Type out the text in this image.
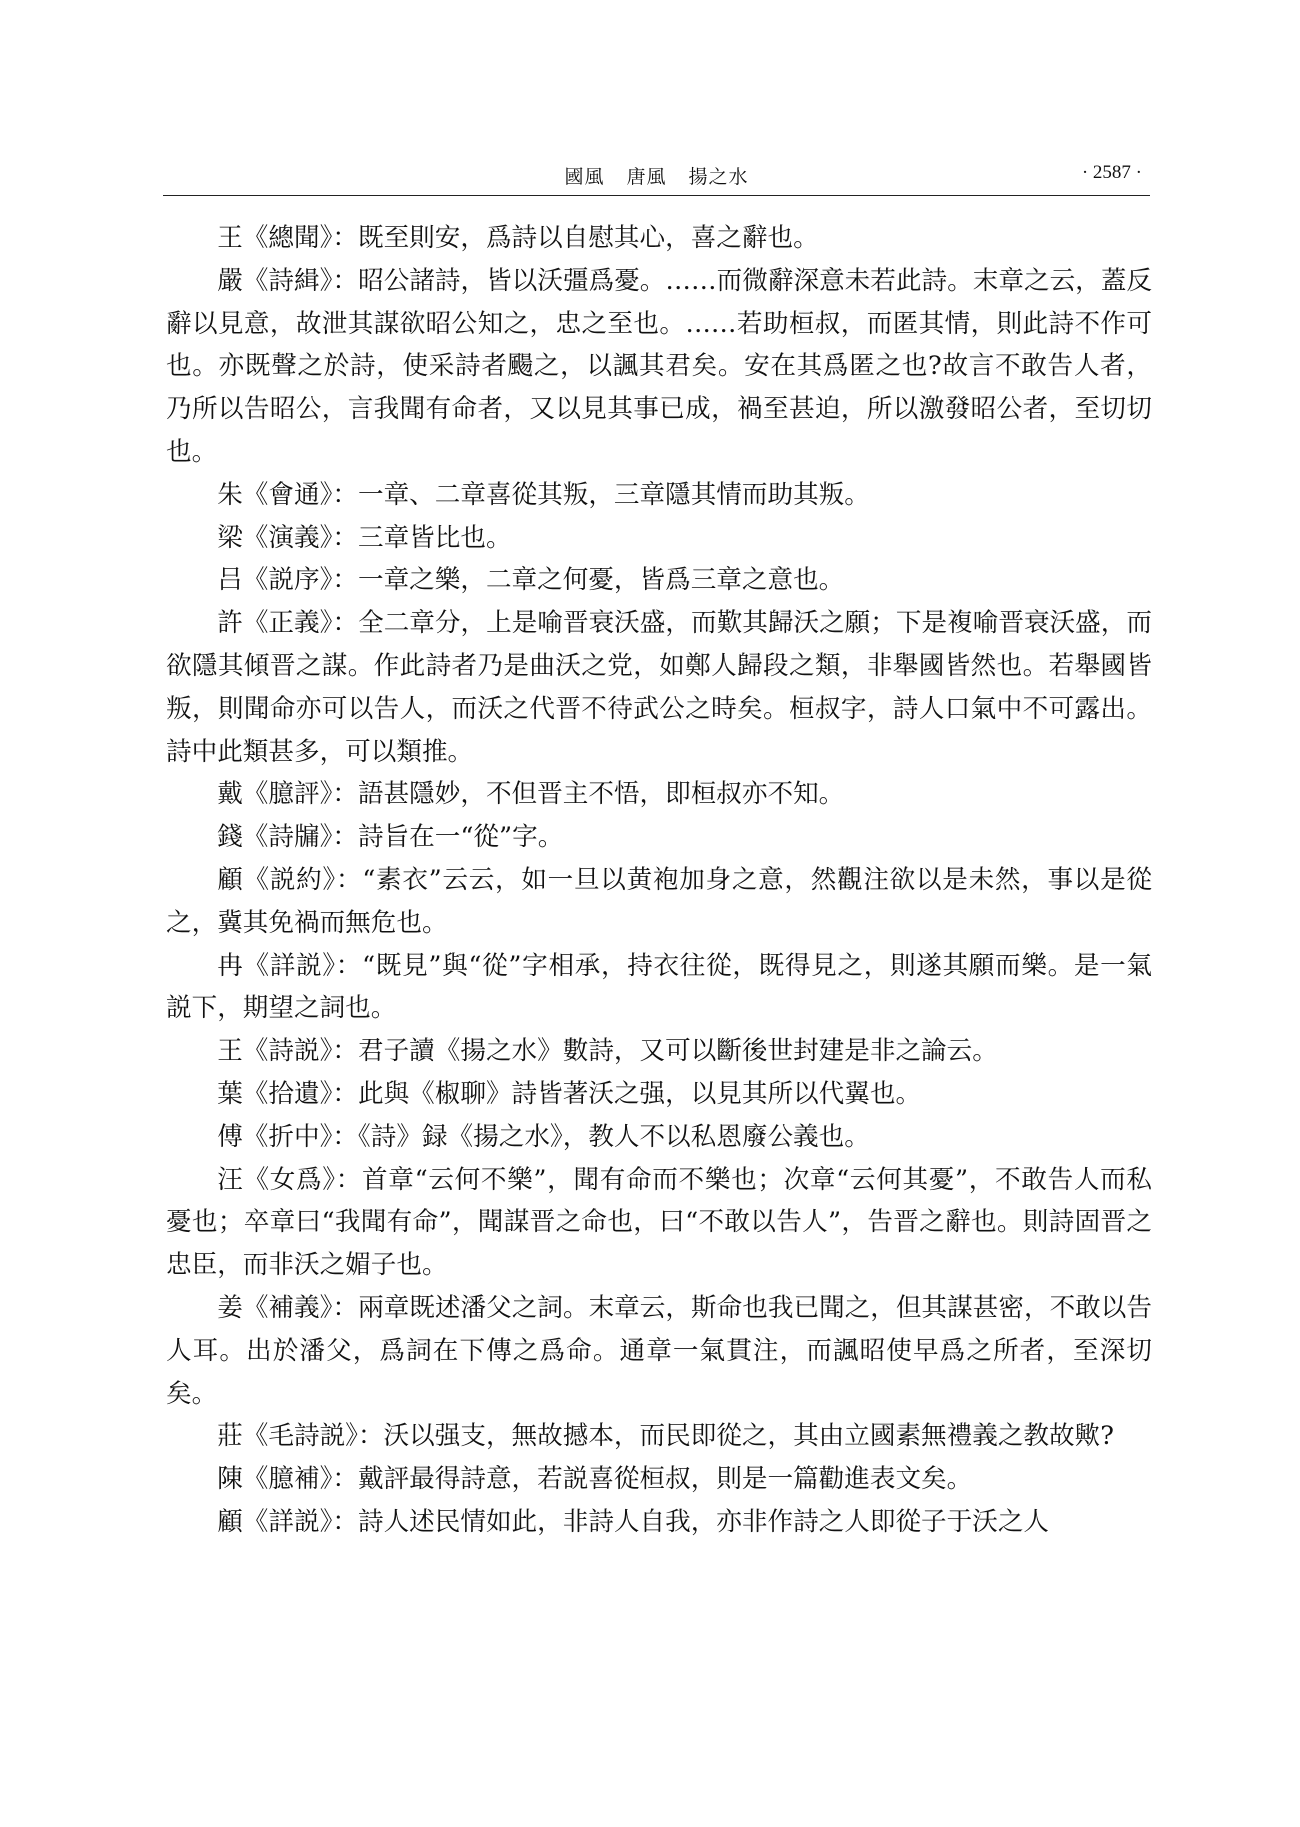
國風 唐風 揚之水	· 2587 ·

王《總聞》：既至則安，爲詩以自慰其心，喜之辭也。

嚴《詩緝》：昭公諸詩，皆以沃彊爲憂。……而微辭深意未若此詩。末章之云，蓋反辭以見意，故泄其謀欲昭公知之，忠之至也。……若助桓叔，而匿其情，則此詩不作可也。亦既聲之於詩，使采詩者颺之，以諷其君矣。安在其爲匿之也?故言不敢告人者，乃所以告昭公，言我聞有命者，又以見其事已成，禍至甚迫，所以激發昭公者，至切切也。

朱《會通》：一章、二章喜從其叛，三章隱其情而助其叛。

梁《演義》：三章皆比也。

吕《説序》：一章之樂，二章之何憂，皆爲三章之意也。

許《正義》：全二章分，上是喻晋衰沃盛，而歎其歸沃之願；下是複喻晋衰沃盛，而欲隱其傾晋之謀。作此詩者乃是曲沃之党，如鄭人歸段之類，非舉國皆然也。若舉國皆叛，則聞命亦可以告人，而沃之代晋不待武公之時矣。桓叔字，詩人口氣中不可露出。詩中此類甚多，可以類推。

戴《臆評》：語甚隱妙，不但晋主不悟，即桓叔亦不知。

錢《詩牖》：詩旨在一“從”字。

顧《説約》：“素衣”云云，如一旦以黄袍加身之意，然觀注欲以是未然，事以是從之，冀其免禍而無危也。

冉《詳説》：“既見”與“從”字相承，持衣往從，既得見之，則遂其願而樂。是一氣説下，期望之詞也。

王《詩説》：君子讀《揚之水》數詩，又可以斷後世封建是非之論云。

葉《拾遺》：此與《椒聊》詩皆著沃之强，以見其所以代翼也。

傅《折中》：《詩》録《揚之水》，教人不以私恩廢公義也。

汪《女爲》：首章“云何不樂”，聞有命而不樂也；次章“云何其憂”，不敢告人而私憂也；卒章曰“我聞有命”，聞謀晋之命也，曰“不敢以告人”，告晋之辭也。則詩固晋之忠臣，而非沃之媚子也。

姜《補義》：兩章既述潘父之詞。末章云，斯命也我已聞之，但其謀甚密，不敢以告人耳。出於潘父，爲詞在下傳之爲命。通章一氣貫注，而諷昭使早爲之所者，至深切矣。

莊《毛詩説》：沃以强支，無故撼本，而民即從之，其由立國素無禮義之教故歟?

陳《臆補》：戴評最得詩意，若説喜從桓叔，則是一篇勸進表文矣。

顧《詳説》：詩人述民情如此，非詩人自我，亦非作詩之人即從子于沃之人
